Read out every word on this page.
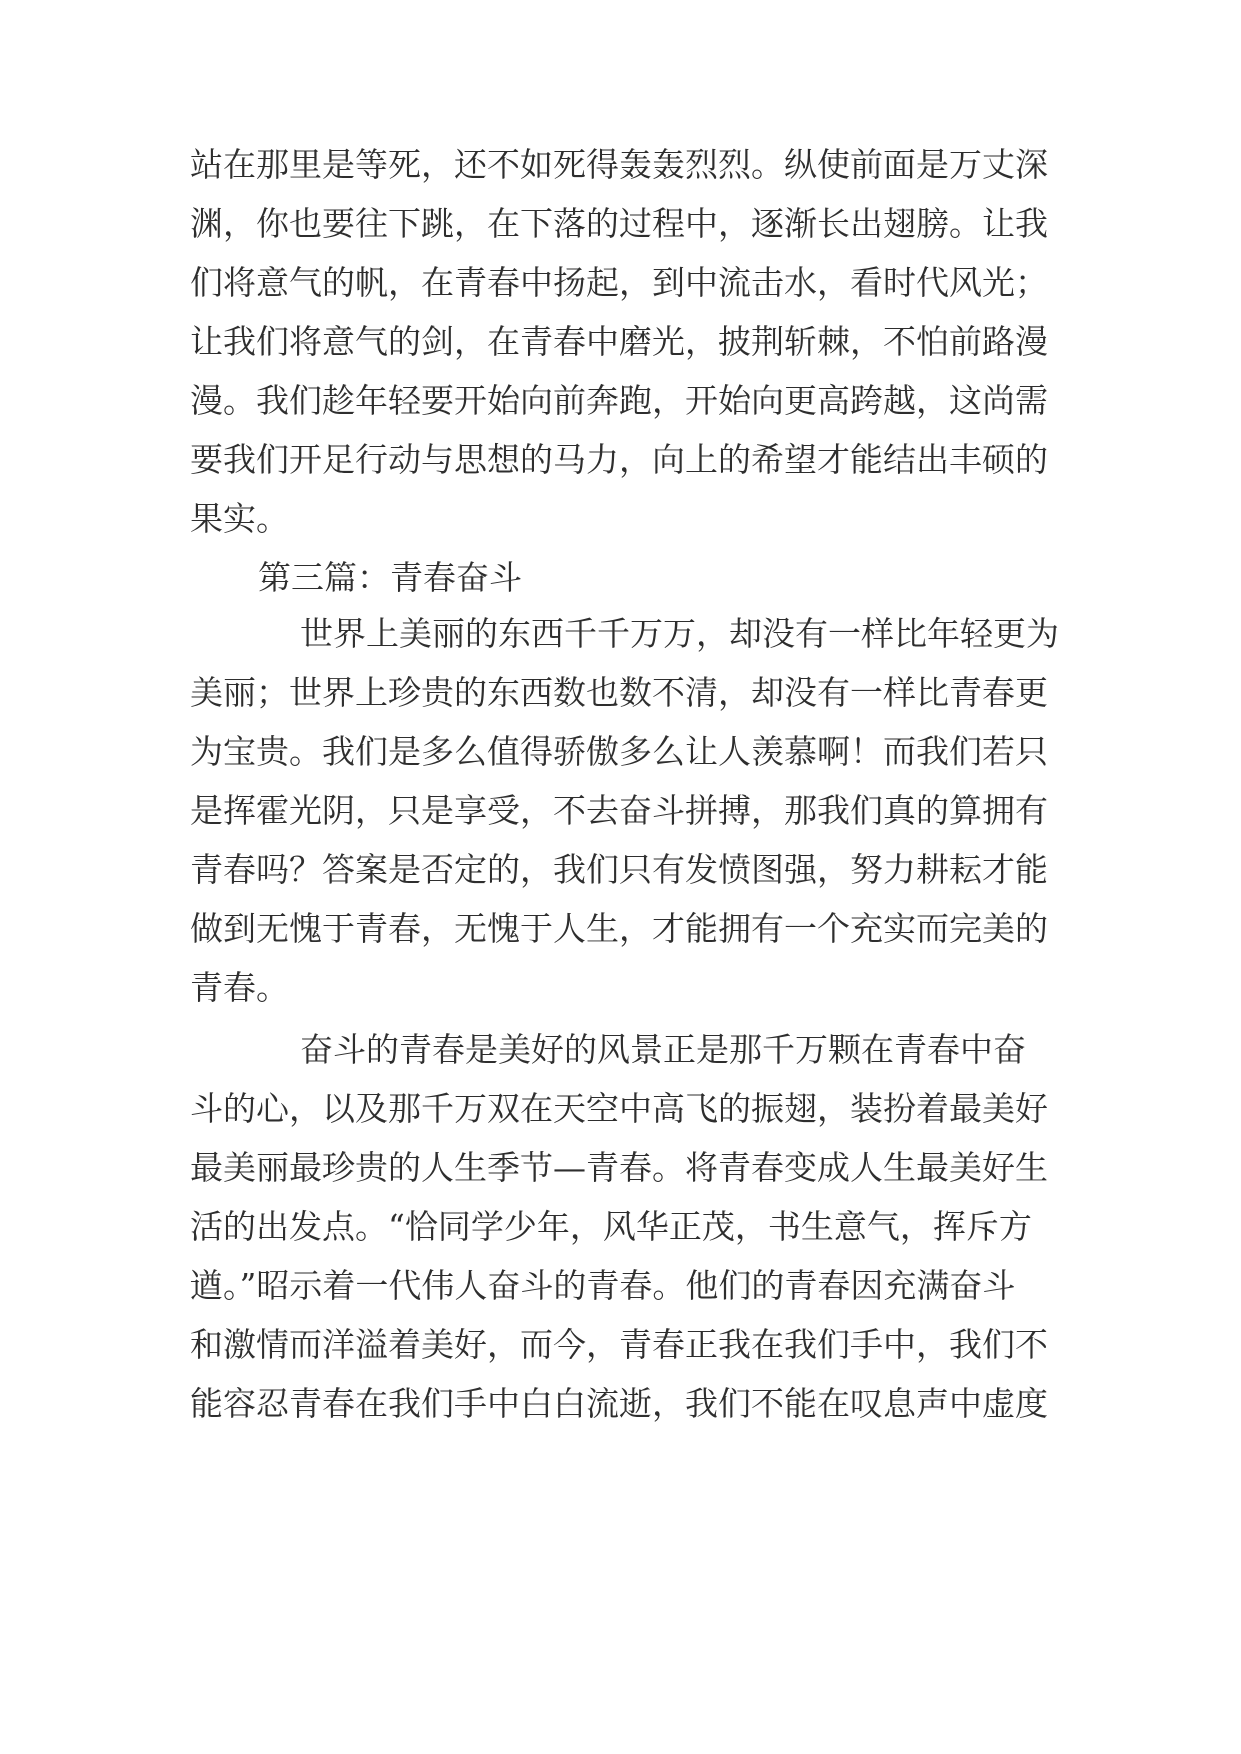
站在那里是等死，还不如死得轰轰烈烈。纵使前面是万丈深

渊，你也要往下跳，在下落的过程中，逐渐长出翅膀。让我

们将意气的帆，在青春中扬起，到中流击水，看时代风光；

让我们将意气的剑，在青春中磨光，披荆斩棘，不怕前路漫

漫。我们趁年轻要开始向前奔跑，开始向更高跨越，这尚需

要我们开足行动与思想的马力，向上的希望才能结出丰硕的

果实。

第三篇：青春奋斗

世界上美丽的东西千千万万，却没有一样比年轻更为

美丽；世界上珍贵的东西数也数不清，却没有一样比青春更

为宝贵。我们是多么值得骄傲多么让人羡慕啊！而我们若只

是挥霍光阴，只是享受，不去奋斗拼搏，那我们真的算拥有

青春吗？答案是否定的，我们只有发愤图强，努力耕耘才能

做到无愧于青春，无愧于人生，才能拥有一个充实而完美的

青春。

奋斗的青春是美好的风景正是那千万颗在青春中奋

斗的心，以及那千万双在天空中高飞的振翅，装扮着最美好

最美丽最珍贵的人生季节—青春。将青春变成人生最美好生

活的出发点。“恰同学少年，风华正茂，书生意气，挥斥方

遒。”昭示着一代伟人奋斗的青春。他们的青春因充满奋斗

和激情而洋溢着美好，而今，青春正我在我们手中，我们不

能容忍青春在我们手中白白流逝，我们不能在叹息声中虚度
